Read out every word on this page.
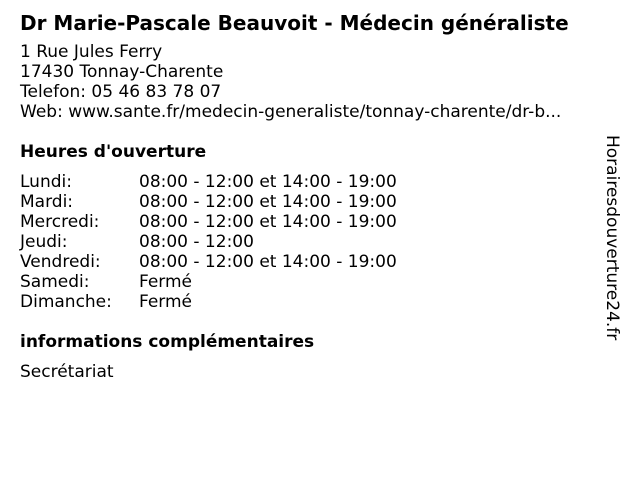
Dr Marie-Pascale Beauvoit - Médecin généraliste
1 Rue Jules Ferry
17430 Tonnay-Charente
Telefon: 05 46 83 78 07
Web: www.sante.fr/medecin-generaliste/tonnay-charente/dr-b...
Heures d'ouverture
Lundi:	08:00 - 12:00 et 14:00 - 19:00
Mardi:	08:00 - 12:00 et 14:00 - 19:00
Mercredi:	08:00 - 12:00 et 14:00 - 19:00
Jeudi:	08:00 - 12:00
Vendredi:	08:00 - 12:00 et 14:00 - 19:00
Samedi:	Fermé
Dimanche:	Fermé
informations complémentaires
Secrétariat
Horairesdouverture24.fr
